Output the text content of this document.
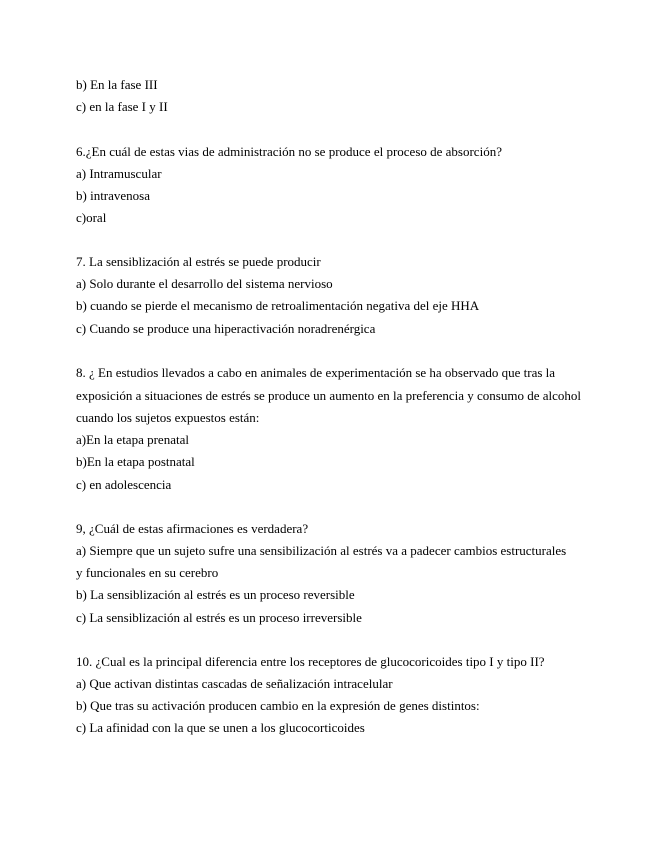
b) En la fase III
c) en la fase I y II
6.¿En cuál de estas vias de administración no se produce el proceso de absorción?
a) Intramuscular
b) intravenosa
c)oral
7. La sensiblización al estrés se puede producir
a) Solo durante el desarrollo del sistema nervioso
b) cuando se pierde el mecanismo de retroalimentación negativa del eje HHA
c) Cuando se produce una hiperactivación noradrenérgica
8. ¿ En estudios llevados a cabo en animales de experimentación se ha observado que tras la
exposición a situaciones de estrés se produce un aumento en la preferencia y consumo de alcohol
cuando los sujetos expuestos están:
a)En la etapa prenatal
b)En la etapa postnatal
c) en adolescencia
9, ¿Cuál de estas afirmaciones es verdadera?
a) Siempre que un sujeto sufre una sensibilización al estrés va a padecer cambios estructurales
y funcionales en su cerebro
b) La sensiblización al estrés es un proceso reversible
c) La sensiblización al estrés es un proceso irreversible
10. ¿Cual es la principal diferencia entre los receptores de glucocoricoides tipo I y tipo II?
a) Que activan distintas cascadas de señalización intracelular
b) Que tras su activación producen cambio en la expresión de genes distintos:
c) La afinidad con la que se unen a los glucocorticoides
